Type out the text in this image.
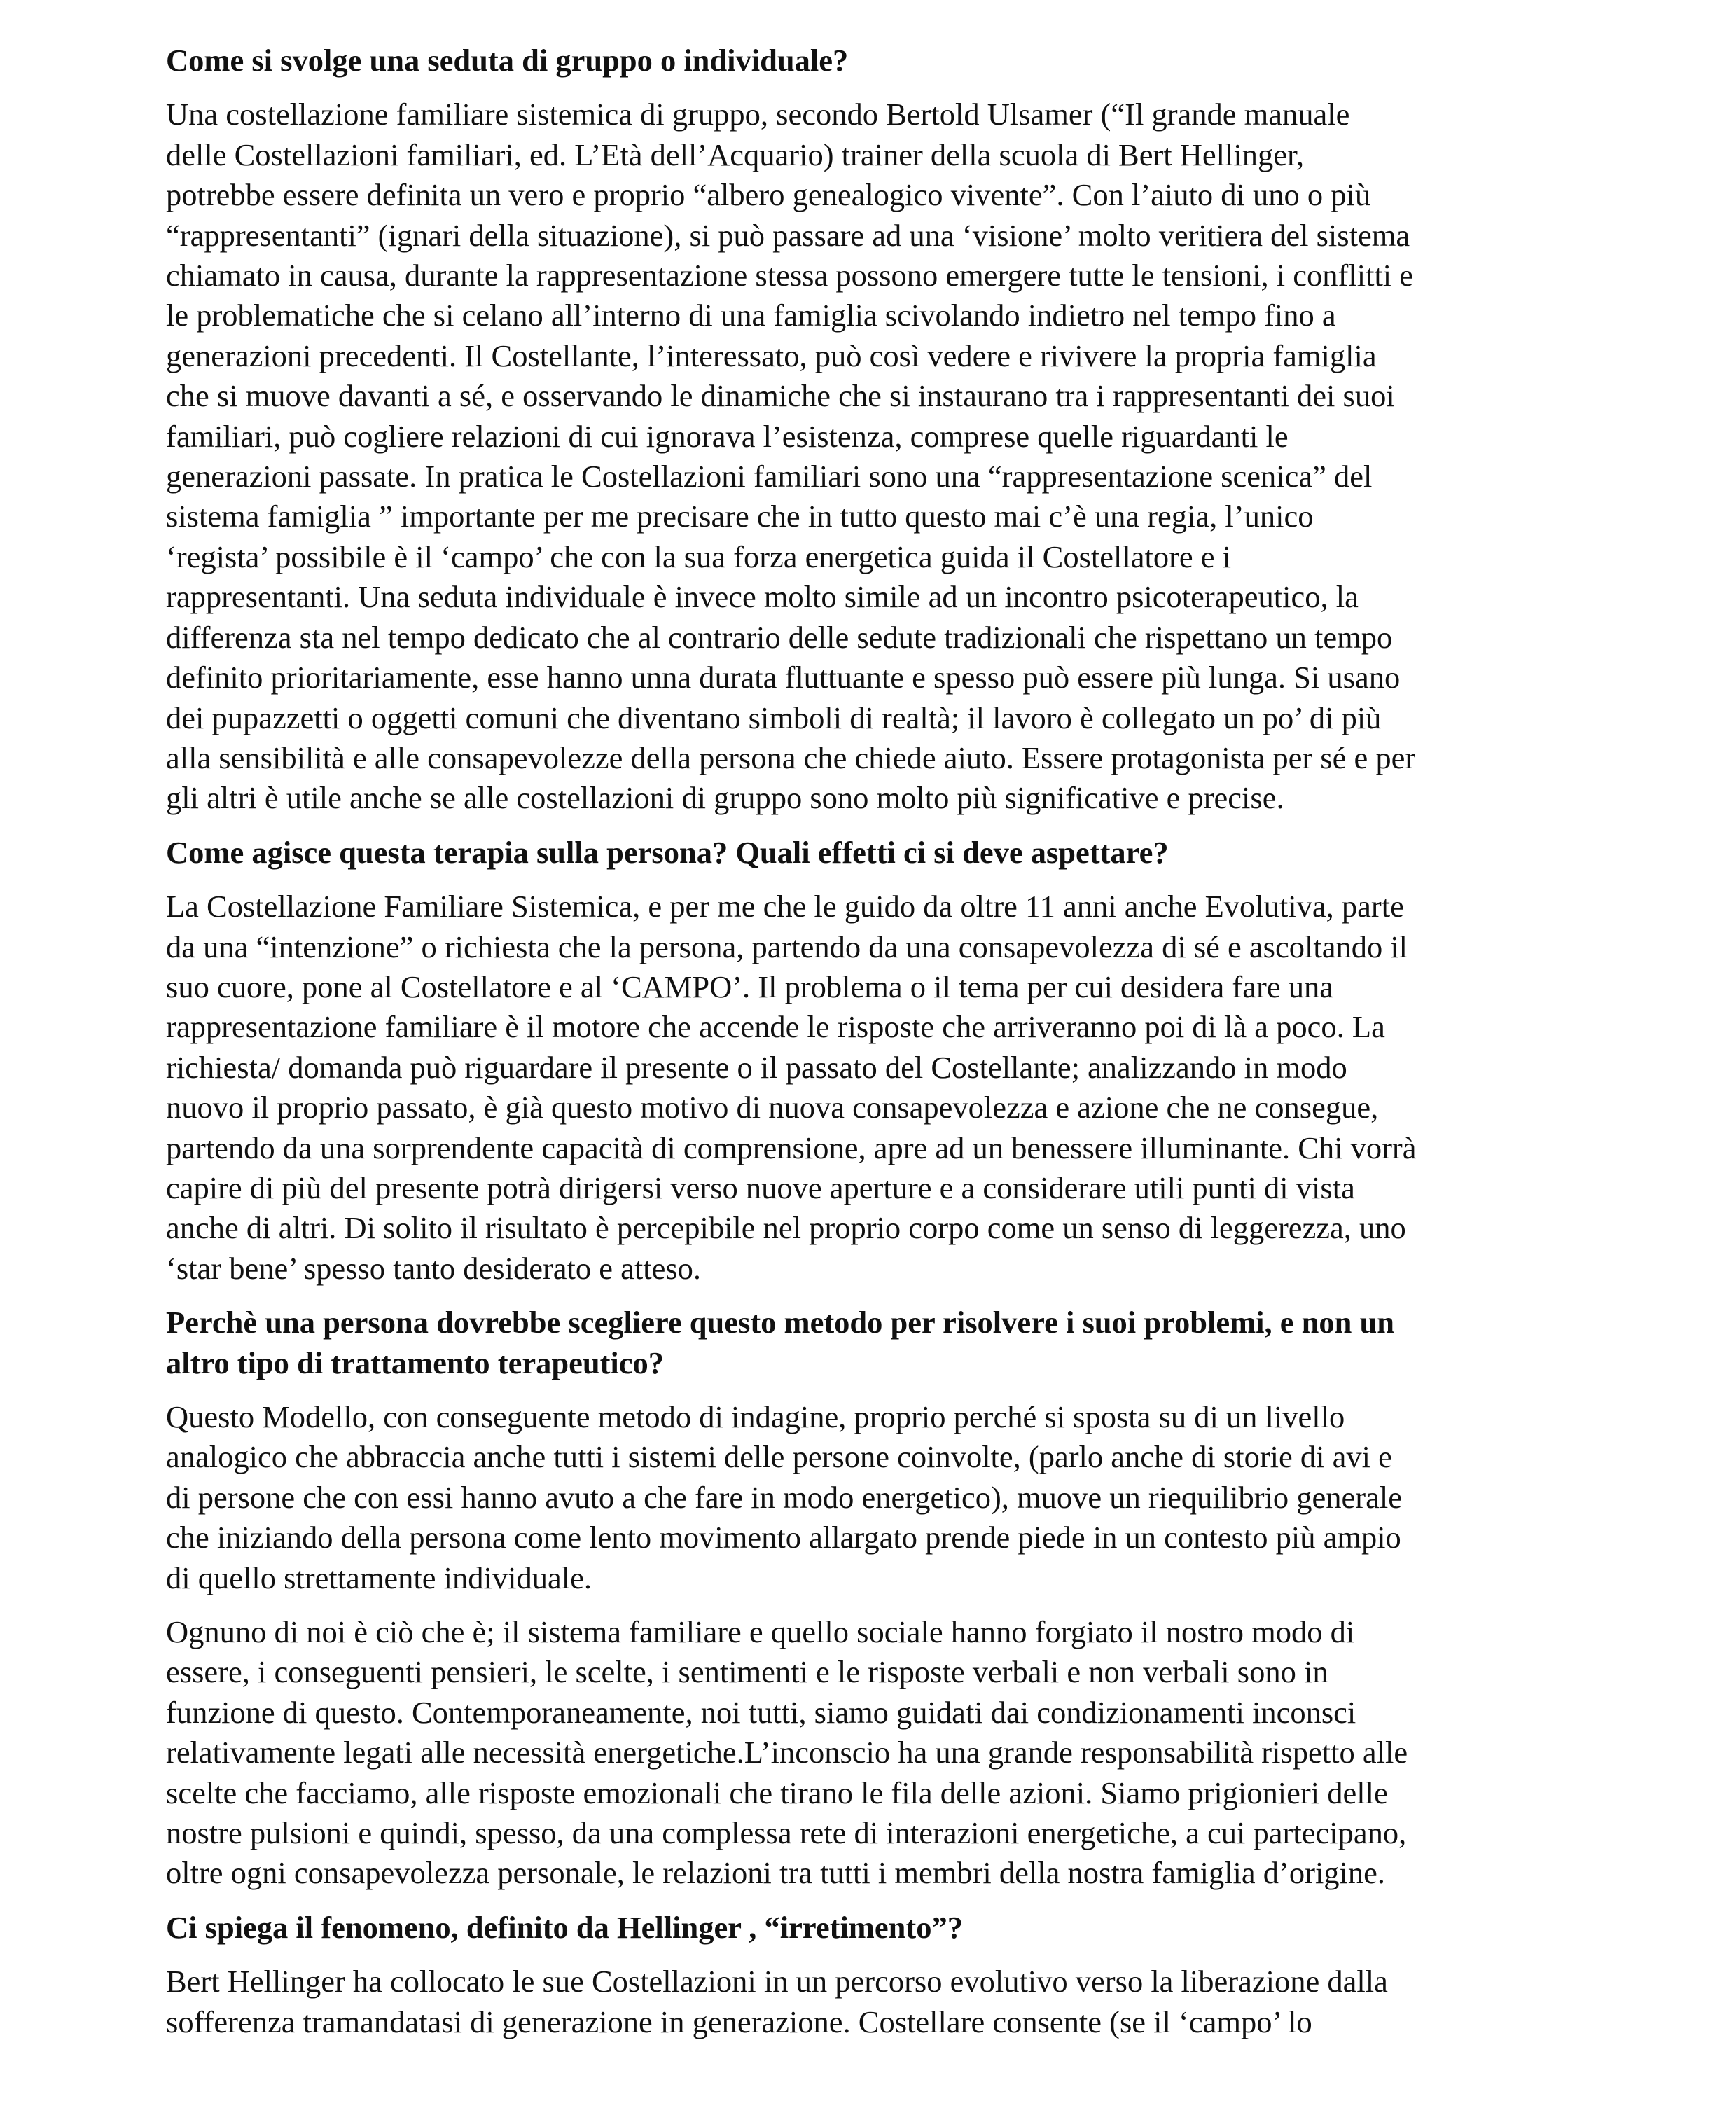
Come si svolge una seduta di gruppo o individuale?
Una costellazione familiare sistemica di gruppo, secondo Bertold Ulsamer (“Il grande manuale
delle Costellazioni familiari, ed. L’Età dell’Acquario) trainer della scuola di Bert Hellinger,
potrebbe essere definita un vero e proprio “albero genealogico vivente”. Con l’aiuto di uno o più
“rappresentanti” (ignari della situazione), si può passare ad una ‘visione’ molto veritiera del sistema
chiamato in causa, durante la rappresentazione stessa possono emergere tutte le tensioni, i conflitti e
le problematiche che si celano all’interno di una famiglia scivolando indietro nel tempo fino a
generazioni precedenti. Il Costellante, l’interessato, può così vedere e rivivere la propria famiglia
che si muove davanti a sé, e osservando le dinamiche che si instaurano tra i rappresentanti dei suoi
familiari, può cogliere relazioni di cui ignorava l’esistenza, comprese quelle riguardanti le
generazioni passate. In pratica le Costellazioni familiari sono una “rappresentazione scenica” del
sistema famiglia ” importante per me precisare che in tutto questo mai c’è una regia, l’unico
‘regista’ possibile è il ‘campo’ che con la sua forza energetica guida il Costellatore e i
rappresentanti. Una seduta individuale è invece molto simile ad un incontro psicoterapeutico, la
differenza sta nel tempo dedicato che al contrario delle sedute tradizionali che rispettano un tempo
definito prioritariamente, esse hanno unna durata fluttuante e spesso può essere più lunga. Si usano
dei pupazzetti o oggetti comuni che diventano simboli di realtà; il lavoro è collegato un po’ di più
alla sensibilità e alle consapevolezze della persona che chiede aiuto. Essere protagonista per sé e per
gli altri è utile anche se alle costellazioni di gruppo sono molto più significative e precise.
Come agisce questa terapia sulla persona? Quali effetti ci si deve aspettare?
La Costellazione Familiare Sistemica, e per me che le guido da oltre 11 anni anche Evolutiva, parte
da una “intenzione” o richiesta che la persona, partendo da una consapevolezza di sé e ascoltando il
suo cuore, pone al Costellatore e al ‘CAMPO’. Il problema o il tema per cui desidera fare una
rappresentazione familiare è il motore che accende le risposte che arriveranno poi di là a poco. La
richiesta/ domanda può riguardare il presente o il passato del Costellante; analizzando in modo
nuovo il proprio passato, è già questo motivo di nuova consapevolezza e azione che ne consegue,
partendo da una sorprendente capacità di comprensione, apre ad un benessere illuminante. Chi vorrà
capire di più del presente potrà dirigersi verso nuove aperture e a considerare utili punti di vista
anche di altri. Di solito il risultato è percepibile nel proprio corpo come un senso di leggerezza, uno
‘star bene’ spesso tanto desiderato e atteso.
Perchè una persona dovrebbe scegliere questo metodo per risolvere i suoi problemi, e non un
altro tipo di trattamento terapeutico?
Questo Modello, con conseguente metodo di indagine, proprio perché si sposta su di un livello
analogico che abbraccia anche tutti i sistemi delle persone coinvolte, (parlo anche di storie di avi e
di persone che con essi hanno avuto a che fare in modo energetico), muove un riequilibrio generale
che iniziando della persona come lento movimento allargato prende piede in un contesto più ampio
di quello strettamente individuale.
Ognuno di noi è ciò che è; il sistema familiare e quello sociale hanno forgiato il nostro modo di
essere, i conseguenti pensieri, le scelte, i sentimenti e le risposte verbali e non verbali sono in
funzione di questo. Contemporaneamente, noi tutti, siamo guidati dai condizionamenti inconsci
relativamente legati alle necessità energetiche.L’inconscio ha una grande responsabilità rispetto alle
scelte che facciamo, alle risposte emozionali che tirano le fila delle azioni. Siamo prigionieri delle
nostre pulsioni e quindi, spesso, da una complessa rete di interazioni energetiche, a cui partecipano,
oltre ogni consapevolezza personale, le relazioni tra tutti i membri della nostra famiglia d’origine.
Ci spiega il fenomeno, definito da Hellinger , “irretimento”?
Bert Hellinger ha collocato le sue Costellazioni in un percorso evolutivo verso la liberazione dalla
sofferenza tramandatasi di generazione in generazione. Costellare consente (se il ‘campo’ lo
